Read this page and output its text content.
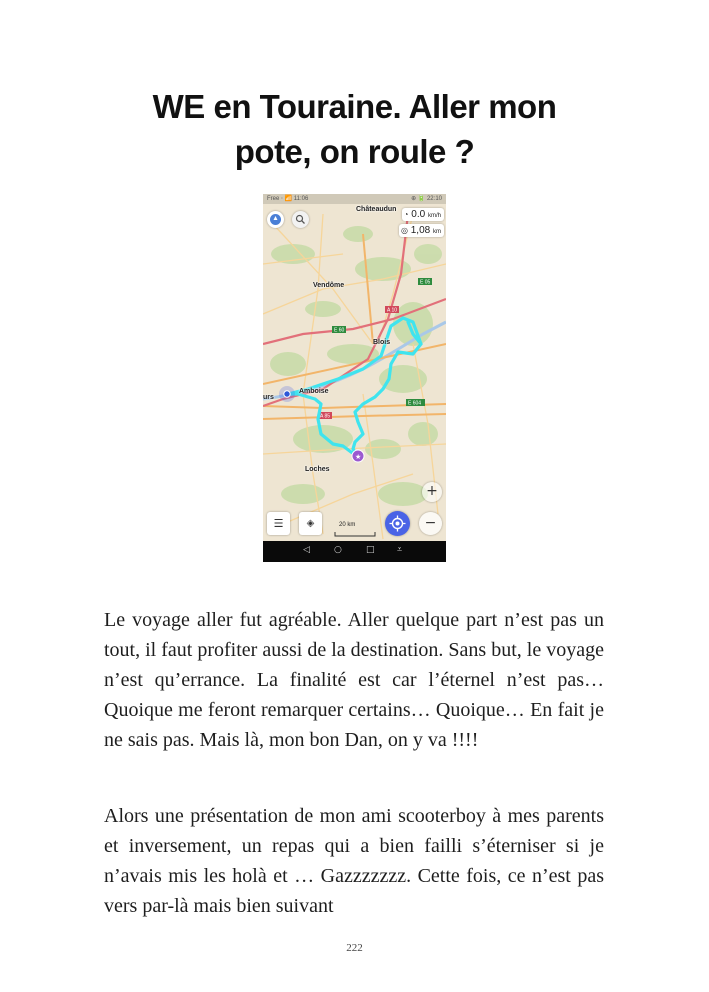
WE en Touraine. Aller mon
pote, on roule ?
E 05
A 10
E 60
E 604
A 85
★
Free ⋅ 📶 11:06	⊕ 🔋 22:10
Châteaudun
Vendôme
Blois
Amboise
urs
Loches
◔ 0.0 km/h
◎ 1,08 km
+
☰	◈	20 km	−
◁	○	□ ⩡

Le voyage aller fut agréable. Aller quelque part n’est pas un tout, il faut profiter aussi de la destination. Sans but, le voyage n’est qu’errance. La finalité est car l’éternel n’est pas… Quoique me feront remarquer certains… Quoique… En fait je ne sais pas. Mais là, mon bon Dan, on y va !!!!

Alors une présentation de mon ami scooterboy à mes parents et inversement, un repas qui a bien failli s’éterniser si je n’avais mis les holà et … Gazzzzzzz. Cette fois, ce n’est pas vers par-là mais bien suivant

222
